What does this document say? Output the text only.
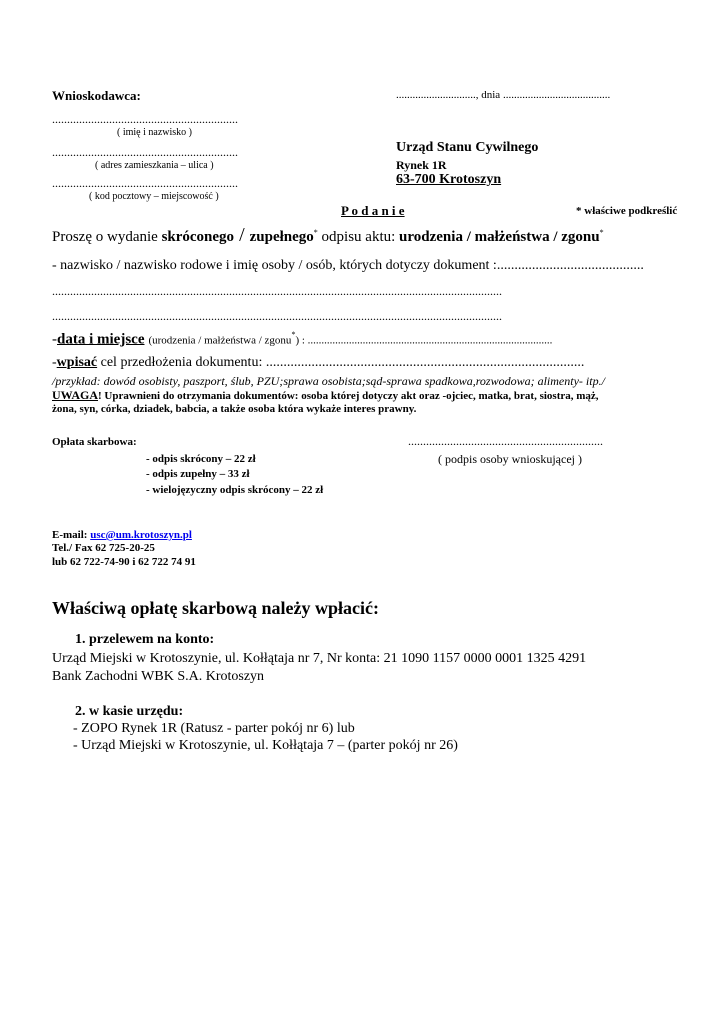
Wnioskodawca:	............................., dnia .......................................
..............................................................
( imię i nazwisko )
..............................................................
( adres zamieszkania – ulica )
..............................................................
( kod pocztowy – miejscowość )
Urząd Stanu Cywilnego
Rynek 1R
63-700 Krotoszyn
P o d a n i e	* właściwe podkreślić
Proszę o wydanie skróconego / zupełnego* odpisu aktu: urodzenia / małżeństwa / zgonu*
- nazwisko / nazwisko rodowe i imię osoby / osób, których dotyczy dokument :..........................................
......................................................................................................................................................
......................................................................................................................................................
-data i miejsce (urodzenia / małżeństwa / zgonu*) : .........................................................................................
-wpisać cel przedłożenia dokumentu: ...........................................................................................
/przykład: dowód osobisty, paszport, ślub, PZU;sprawa osobista;sąd-sprawa spadkowa,rozwodowa; alimenty- itp./
UWAGA! Uprawnieni do otrzymania dokumentów: osoba której dotyczy akt oraz -ojciec, matka, brat, siostra, mąż,
żona, syn, córka, dziadek, babcia, a także osoba która wykaże interes prawny.
Opłata skarbowa:	.................................................................
( podpis osoby wnioskującej )
- odpis skrócony – 22 zł
- odpis zupełny – 33 zł
- wielojęzyczny odpis skrócony – 22 zł
E-mail: usc@um.krotoszyn.pl
Tel./ Fax 62 725-20-25
lub 62 722-74-90 i 62 722 74 91
Właściwą opłatę skarbową należy wpłacić:
1. przelewem na konto:
Urząd Miejski w Krotoszynie, ul. Kołłątaja nr 7, Nr konta: 21 1090 1157 0000 0001 1325 4291
Bank Zachodni WBK S.A. Krotoszyn
2. w kasie urzędu:
- ZOPO Rynek 1R (Ratusz - parter pokój nr 6) lub
- Urząd Miejski w Krotoszynie, ul. Kołłątaja 7 – (parter pokój nr 26)
